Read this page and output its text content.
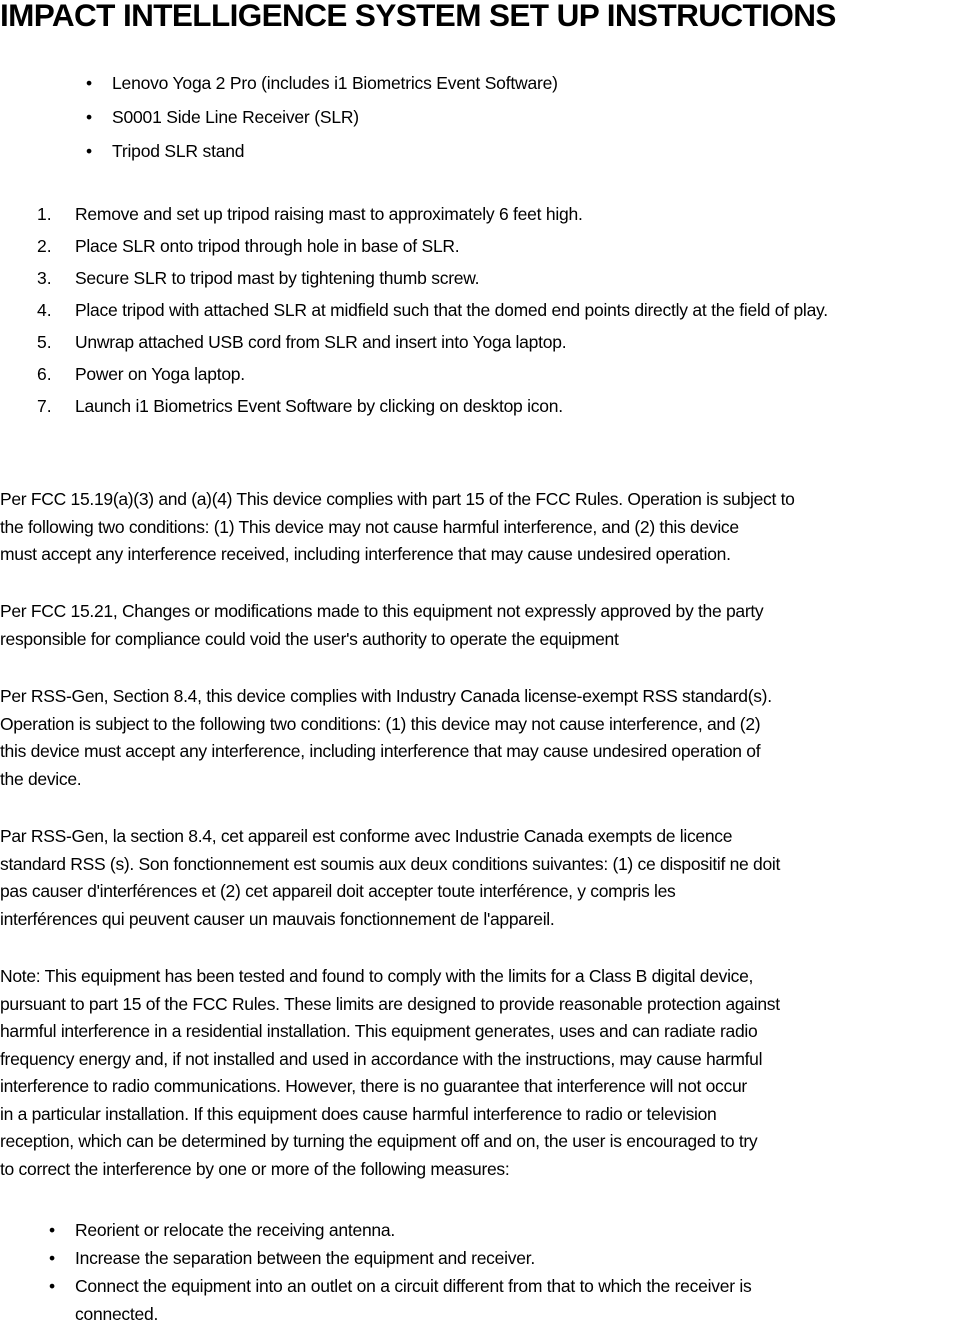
IMPACT INTELLIGENCE SYSTEM SET UP INSTRUCTIONS
• Lenovo Yoga 2 Pro (includes i1 Biometrics Event Software)
• S0001 Side Line Receiver (SLR)
• Tripod SLR stand
1. Remove and set up tripod raising mast to approximately 6 feet high.
2. Place SLR onto tripod through hole in base of SLR.
3. Secure SLR to tripod mast by tightening thumb screw.
4. Place tripod with attached SLR at midfield such that the domed end points directly at the field of play.
5. Unwrap attached USB cord from SLR and insert into Yoga laptop.
6. Power on Yoga laptop.
7. Launch i1 Biometrics Event Software by clicking on desktop icon.

Per FCC 15.19(a)(3) and (a)(4) This device complies with part 15 of the FCC Rules. Operation is subject to
the following two conditions: (1) This device may not cause harmful interference, and (2) this device
must accept any interference received, including interference that may cause undesired operation.

Per FCC 15.21, Changes or modifications made to this equipment not expressly approved by the party
responsible for compliance could void the user's authority to operate the equipment

Per RSS-Gen, Section 8.4, this device complies with Industry Canada license-exempt RSS standard(s).
Operation is subject to the following two conditions: (1) this device may not cause interference, and (2)
this device must accept any interference, including interference that may cause undesired operation of
the device.

Par RSS-Gen, la section 8.4, cet appareil est conforme avec Industrie Canada exempts de licence
standard RSS (s). Son fonctionnement est soumis aux deux conditions suivantes: (1) ce dispositif ne doit
pas causer d'interférences et (2) cet appareil doit accepter toute interférence, y compris les
interférences qui peuvent causer un mauvais fonctionnement de l'appareil.

Note: This equipment has been tested and found to comply with the limits for a Class B digital device,
pursuant to part 15 of the FCC Rules. These limits are designed to provide reasonable protection against
harmful interference in a residential installation. This equipment generates, uses and can radiate radio
frequency energy and, if not installed and used in accordance with the instructions, may cause harmful
interference to radio communications. However, there is no guarantee that interference will not occur
in a particular installation. If this equipment does cause harmful interference to radio or television
reception, which can be determined by turning the equipment off and on, the user is encouraged to try
to correct the interference by one or more of the following measures:

• Reorient or relocate the receiving antenna.
• Increase the separation between the equipment and receiver.
• Connect the equipment into an outlet on a circuit different from that to which the receiver is
connected.
